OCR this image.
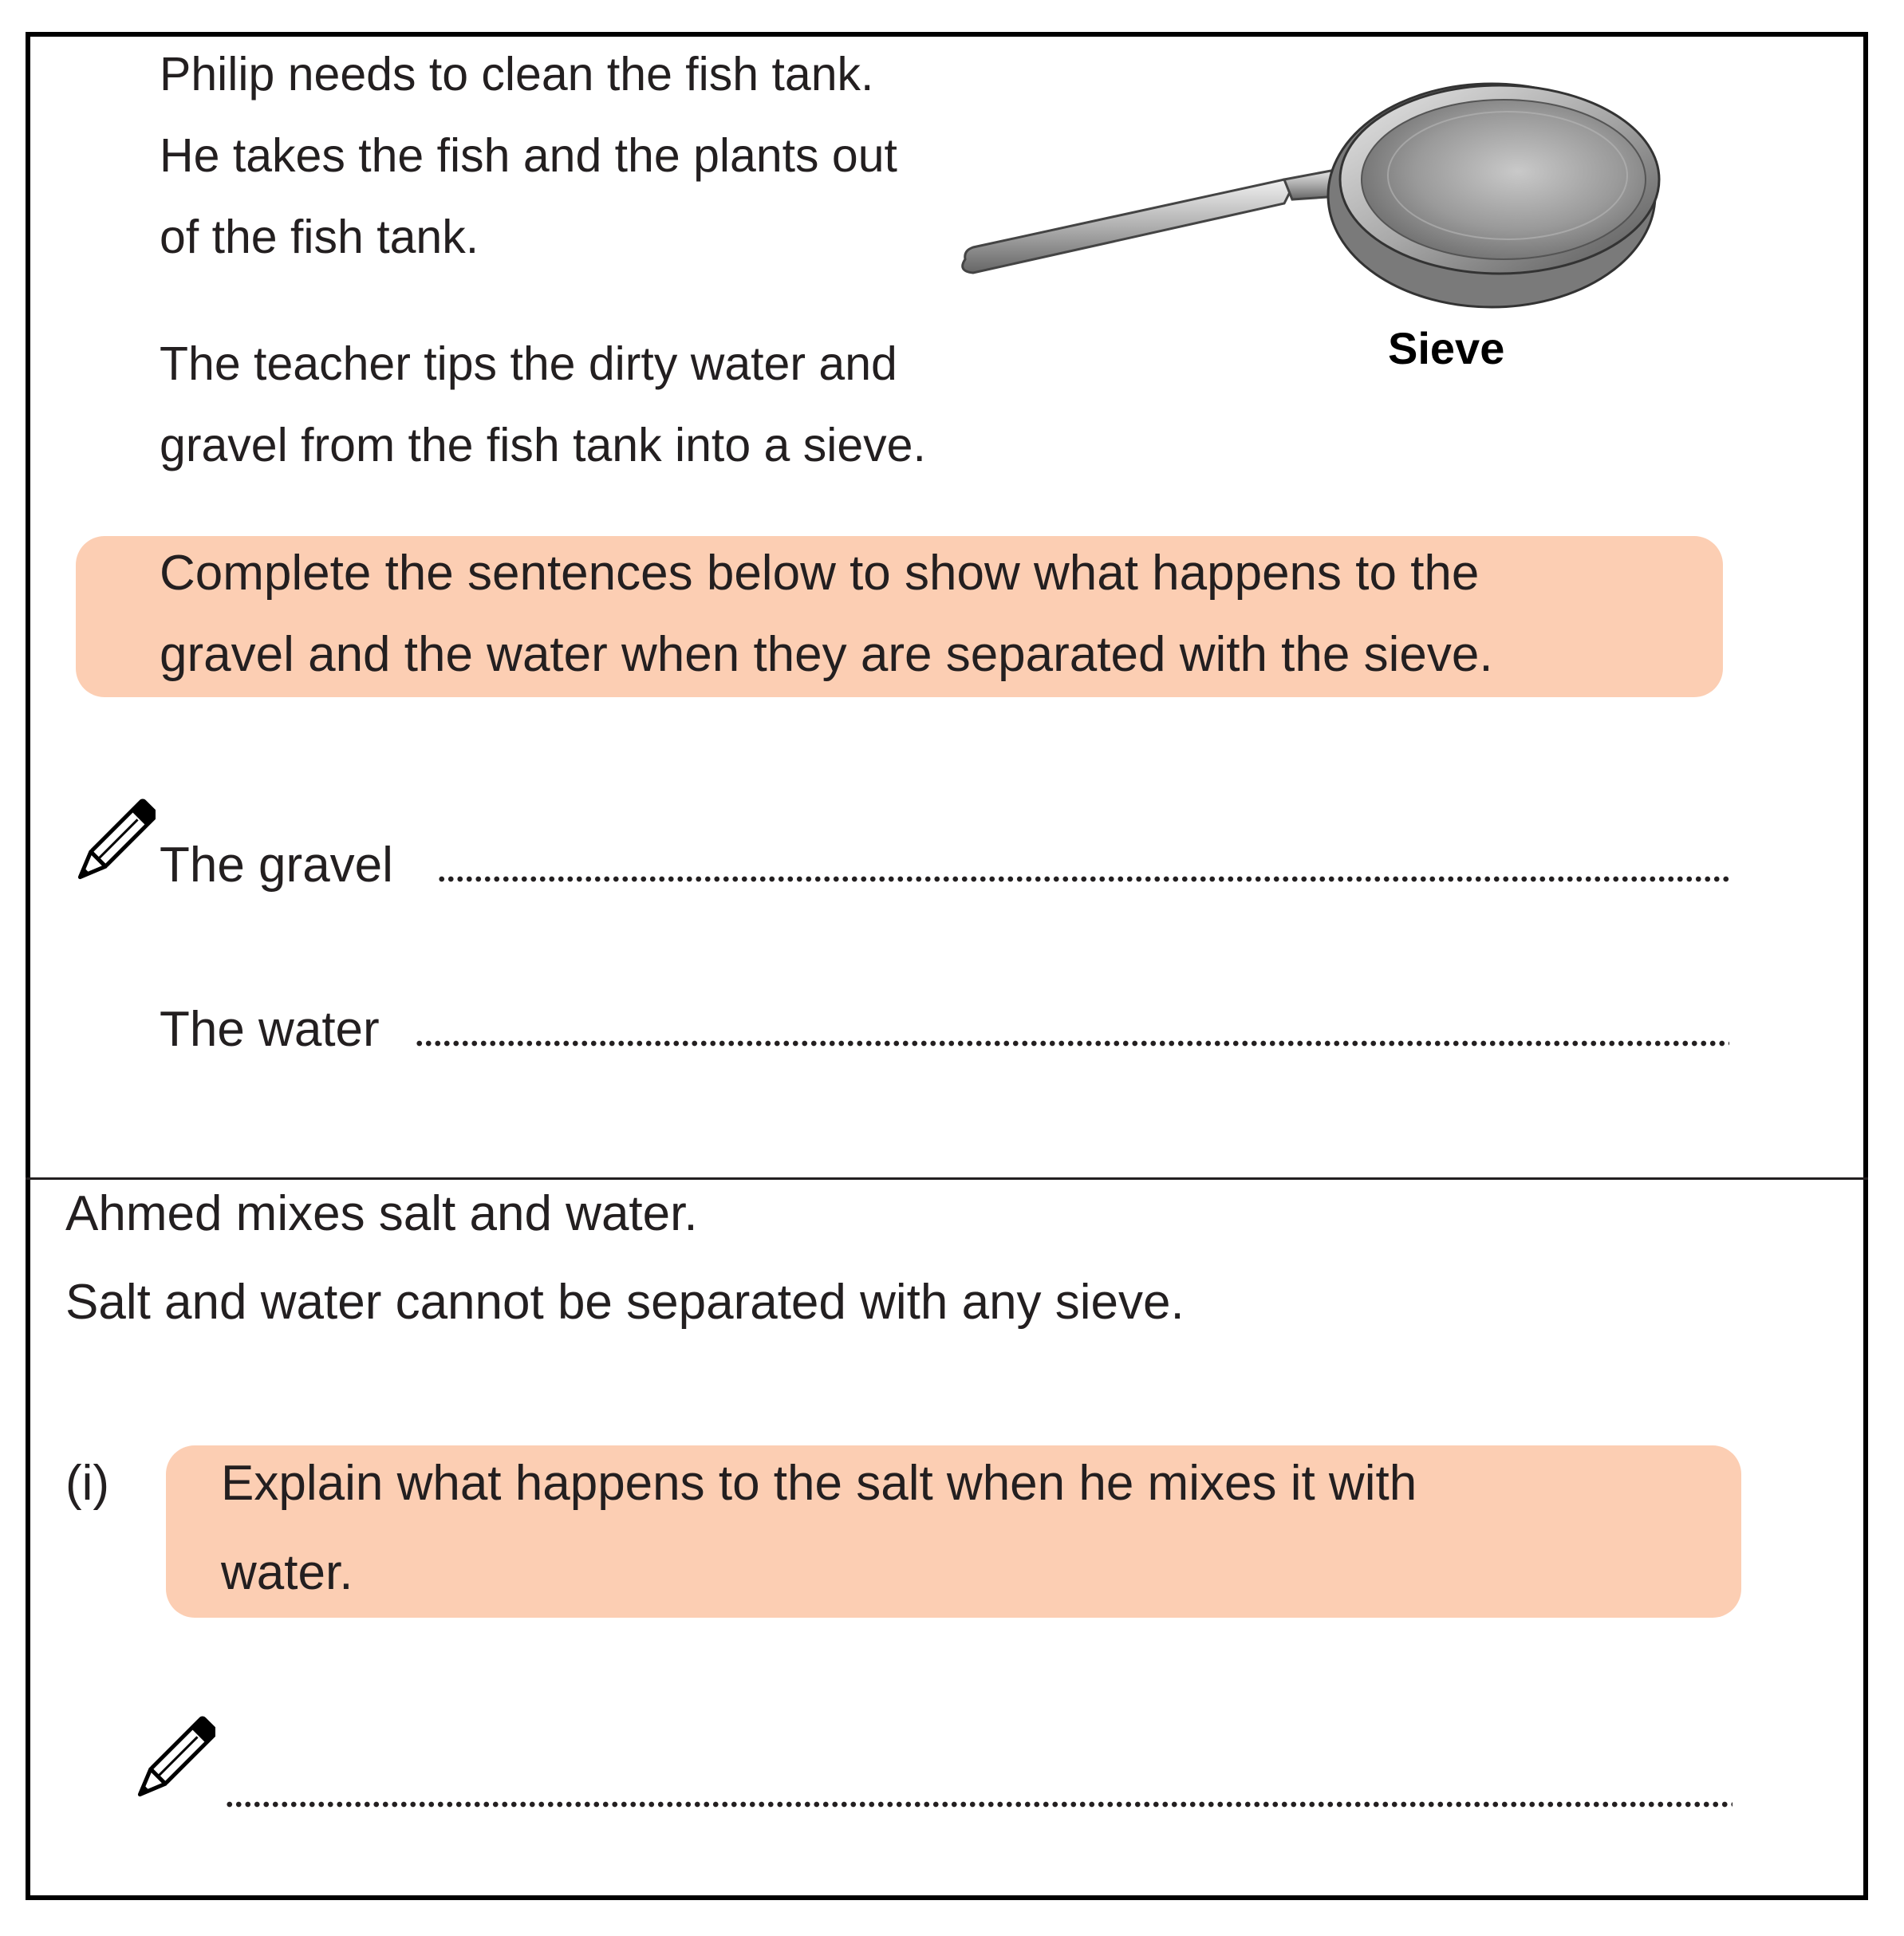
Philip needs to clean the fish tank.
He takes the fish and the plants out
of the fish tank.
The teacher tips the dirty water and
gravel from the fish tank into a sieve.
Sieve
Complete the sentences below to show what happens to the
gravel and the water when they are separated with the sieve.
The gravel
The water
Ahmed mixes salt and water.
Salt and water cannot be separated with any sieve.
(i) Explain what happens to the salt when he mixes it with
water.
